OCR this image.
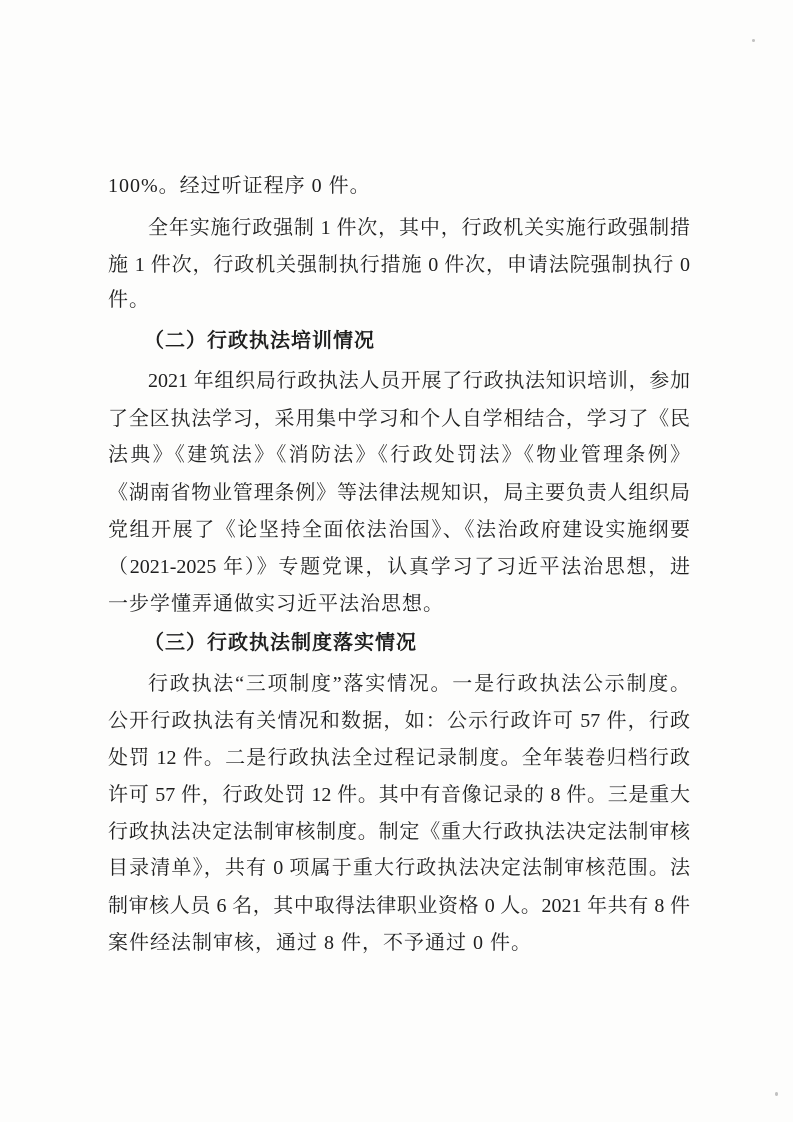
100%。经过听证程序 0 件。

全年实施行政强制 1 件次，其中，行政机关实施行政强制措

施 1 件次，行政机关强制执行措施 0 件次，申请法院强制执行 0

件。

（二）行政执法培训情况

2021 年组织局行政执法人员开展了行政执法知识培训，参加

了全区执法学习，采用集中学习和个人自学相结合，学习了《民

法典》《建筑法》《消防法》《行政处罚法》《物业管理条例》

《湖南省物业管理条例》等法律法规知识，局主要负责人组织局

党组开展了《论坚持全面依法治国》、《法治政府建设实施纲要

（2021-2025 年）》专题党课，认真学习了习近平法治思想，进

一步学懂弄通做实习近平法治思想。

（三）行政执法制度落实情况

行政执法“三项制度”落实情况。一是行政执法公示制度。

公开行政执法有关情况和数据，如：公示行政许可 57 件，行政

处罚 12 件。二是行政执法全过程记录制度。全年装卷归档行政

许可 57 件，行政处罚 12 件。其中有音像记录的 8 件。三是重大

行政执法决定法制审核制度。制定《重大行政执法决定法制审核

目录清单》，共有 0 项属于重大行政执法决定法制审核范围。法

制审核人员 6 名，其中取得法律职业资格 0 人。2021 年共有 8 件

案件经法制审核，通过 8 件，不予通过 0 件。
